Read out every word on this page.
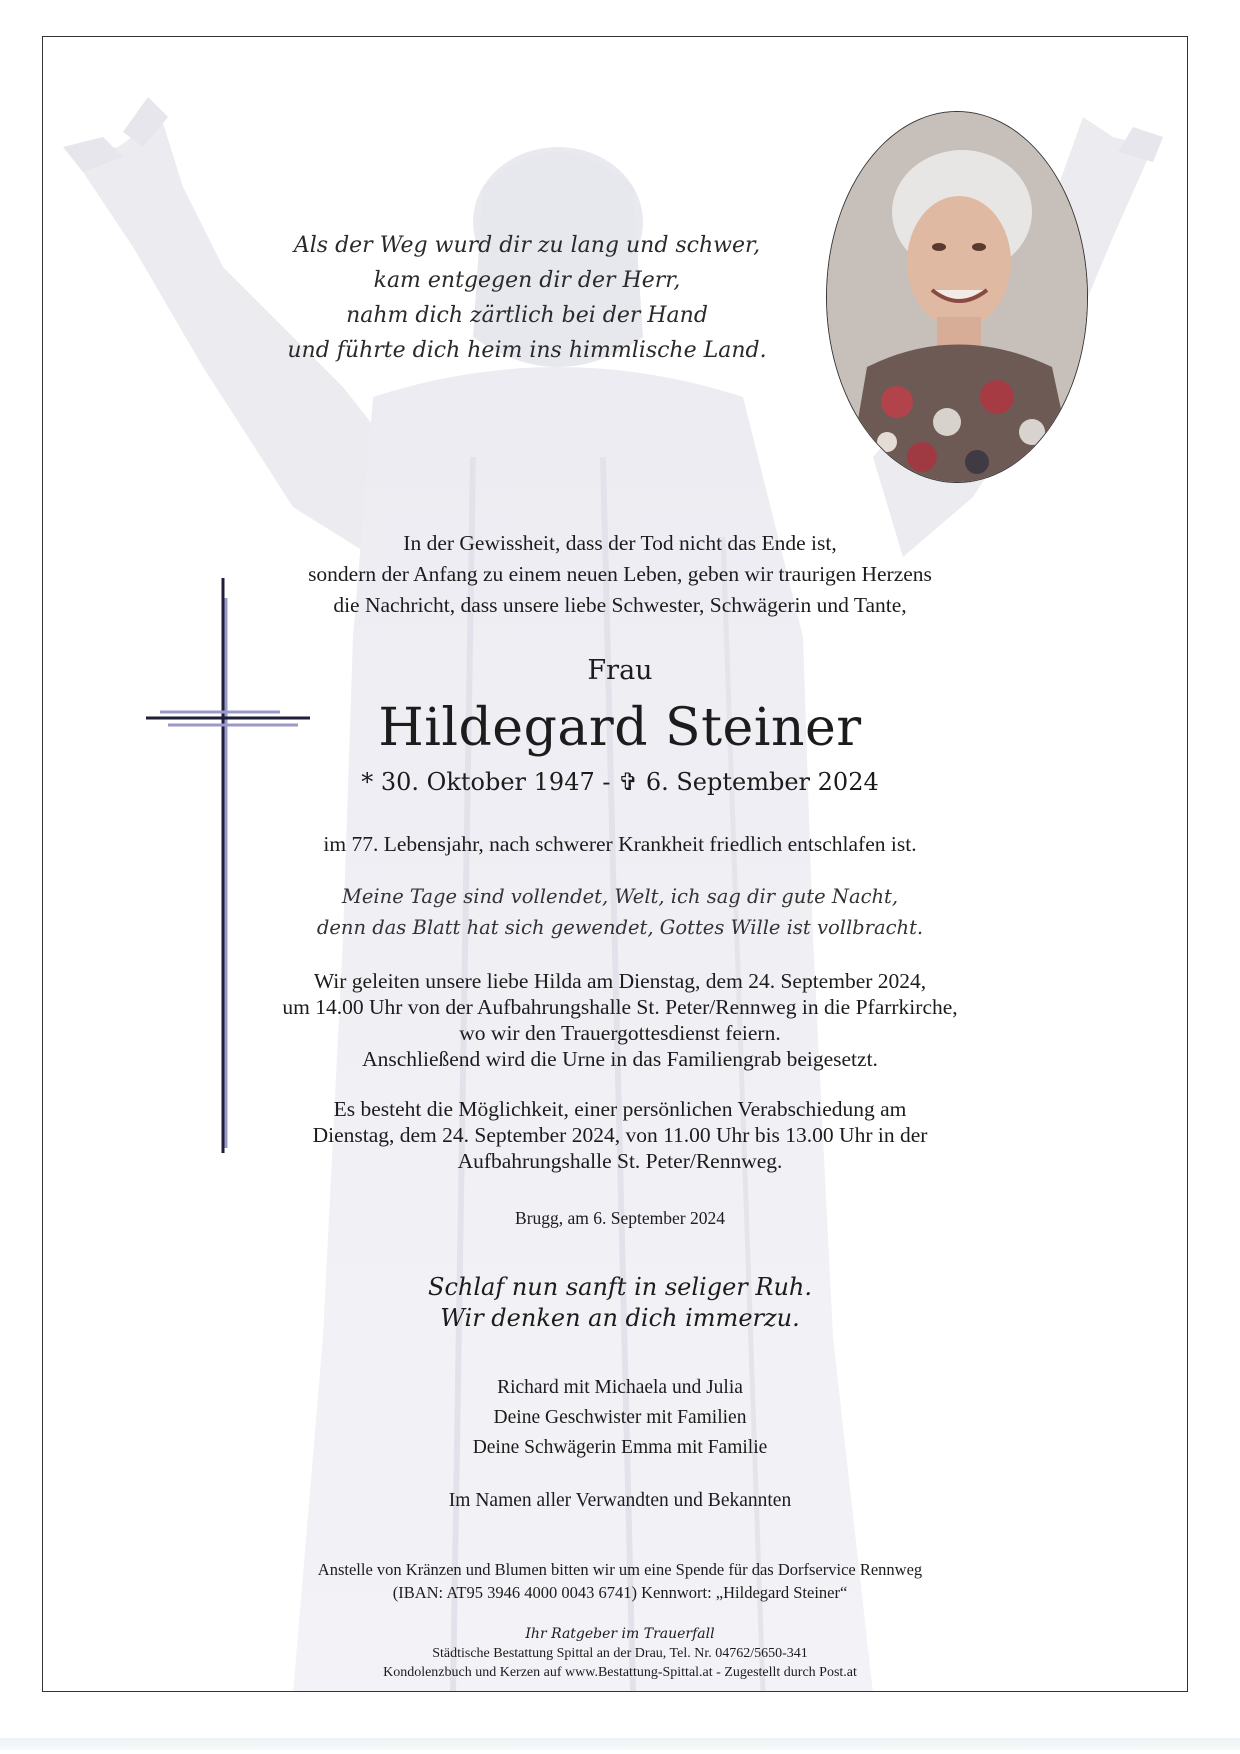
Als der Weg wurd dir zu lang und schwer,
kam entgegen dir der Herr,
nahm dich zärtlich bei der Hand
und führte dich heim ins himmlische Land.
In der Gewissheit, dass der Tod nicht das Ende ist,
sondern der Anfang zu einem neuen Leben, geben wir traurigen Herzens
die Nachricht, dass unsere liebe Schwester, Schwägerin und Tante,
Frau
Hildegard Steiner
* 30. Oktober 1947 - ✞ 6. September 2024
im 77. Lebensjahr, nach schwerer Krankheit friedlich entschlafen ist.
Meine Tage sind vollendet, Welt, ich sag dir gute Nacht,
denn das Blatt hat sich gewendet, Gottes Wille ist vollbracht.
Wir geleiten unsere liebe Hilda am Dienstag, dem 24. September 2024,
um 14.00 Uhr von der Aufbahrungshalle St. Peter/Rennweg in die Pfarrkirche,
wo wir den Trauergottesdienst feiern.
Anschließend wird die Urne in das Familiengrab beigesetzt.
Es besteht die Möglichkeit, einer persönlichen Verabschiedung am
Dienstag, dem 24. September 2024, von 11.00 Uhr bis 13.00 Uhr in der
Aufbahrungshalle St. Peter/Rennweg.
Brugg, am 6. September 2024
Schlaf nun sanft in seliger Ruh.
Wir denken an dich immerzu.
Richard mit Michaela und Julia
Deine Geschwister mit Familien
Deine Schwägerin Emma mit Familie
Im Namen aller Verwandten und Bekannten
Anstelle von Kränzen und Blumen bitten wir um eine Spende für das Dorfservice Rennweg
(IBAN: AT95 3946 4000 0043 6741) Kennwort: „Hildegard Steiner“
Ihr Ratgeber im Trauerfall
Städtische Bestattung Spittal an der Drau, Tel. Nr. 04762/5650-341
Kondolenzbuch und Kerzen auf www.Bestattung-Spittal.at - Zugestellt durch Post.at
